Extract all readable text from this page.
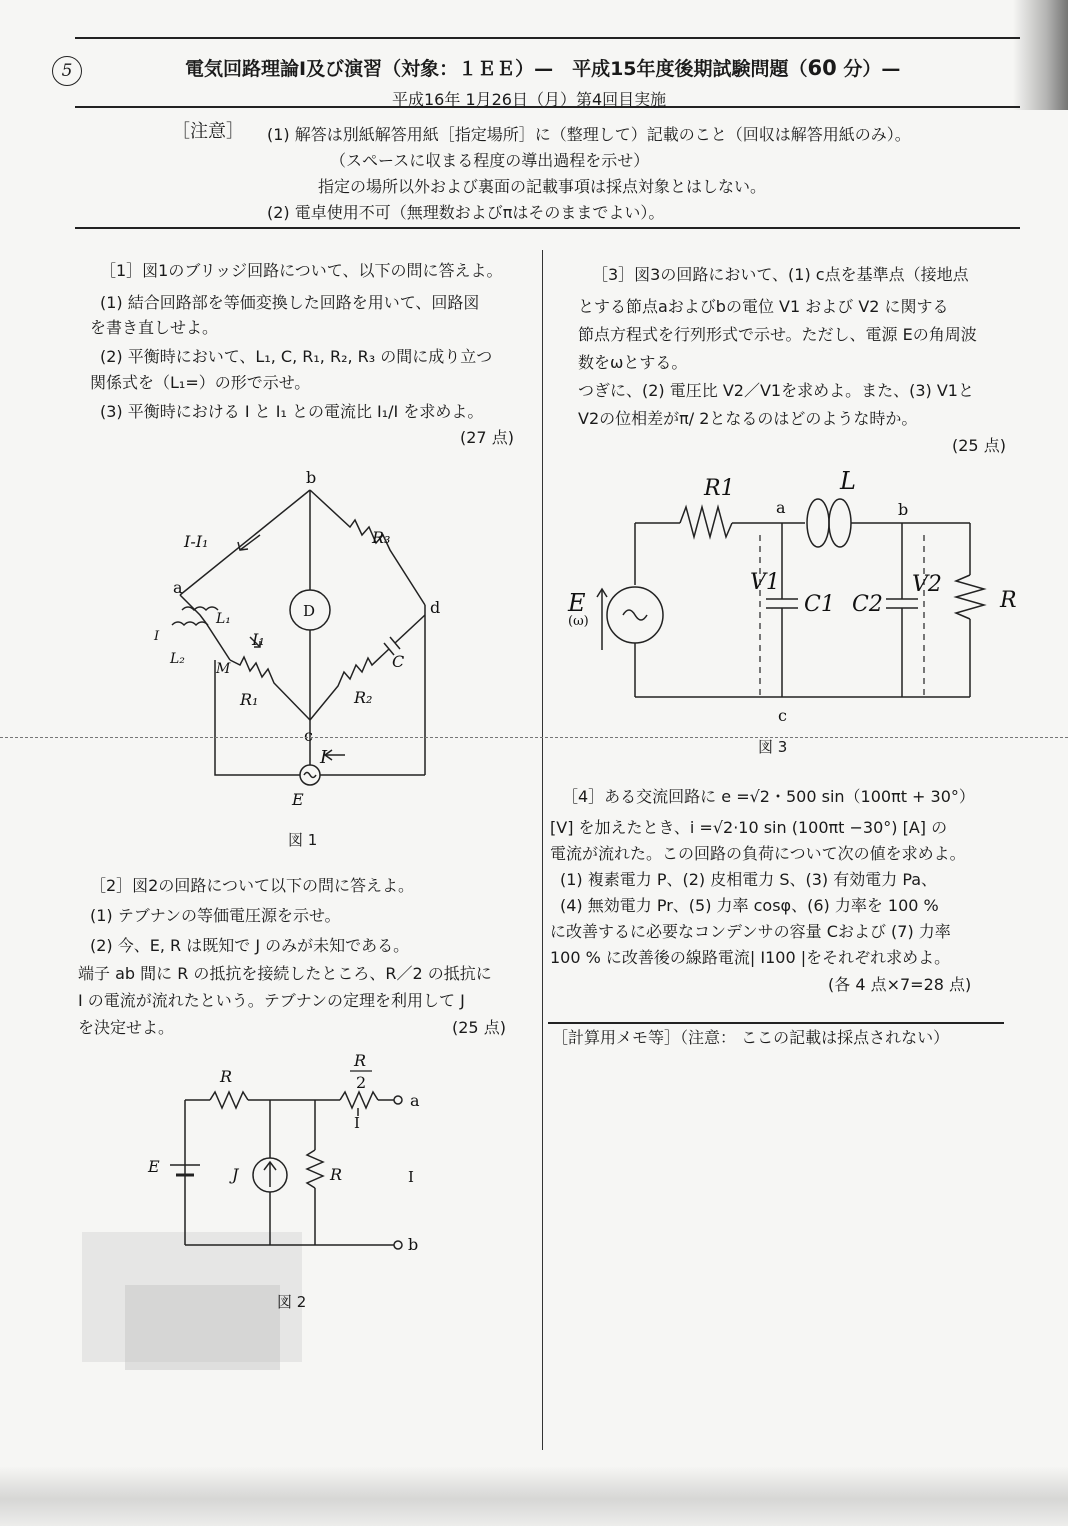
5	電気回路理論Ⅰ及び演習（対象：１ＥＥ）—　平成15年度後期試験問題（60 分）—
平成16年 1月26日（月）第4回目実施
［注意］ (1) 解答は別紙解答用紙［指定場所］に（整理して）記載のこと（回収は解答用紙のみ）。
（スペースに収まる程度の導出過程を示せ）
指定の場所以外および裏面の記載事項は採点対象とはしない。
(2) 電卓使用不可（無理数およびπはそのままでよい）。
［1］図1のブリッジ回路について、以下の問に答えよ。
(1) 結合回路部を等価変換した回路を用いて、回路図
を書き直しせよ。
(2) 平衡時において、L₁, C, R₁, R₂, R₃ の間に成り立つ
関係式を（L₁=）の形で示せ。
(3) 平衡時における I と I₁ との電流比 I₁/I を求めよ。
(27 点)
b
a
d
c
D
R₃
R₁	R₂
C
I-I₁
I₁
I
E
L₁
L₂
M
I
図 1
［2］図2の回路について以下の問に答えよ。
(1) テブナンの等価電圧源を示せ。
(2) 今、E, R は既知で J のみが未知である。
端子 ab 間に R の抵抗を接続したところ、R／2 の抵抗に
I の電流が流れたという。テブナンの定理を利用して J
を決定せよ。	(25 点)
R
R
2
a
b
E	J	R
I
I
図 2
［3］図3の回路において、(1) c点を基準点（接地点
とする節点aおよびbの電位 V1 および V2 に関する
節点方程式を行列形式で示せ。ただし、電源 Eの角周波
数をωとする。
つぎに、(2) 電圧比 V2／V1を求めよ。また、(3) V1と
V2の位相差がπ/ 2となるのはどのような時か。
(25 点)
R1	L
a	b
E
(ω)
V1
C1 C2
V2
R
c
図 3
［4］ある交流回路に e =√2・500 sin（100πt + 30°）
[V] を加えたとき、i =√2·10 sin (100πt −30°) [A] の
電流が流れた。この回路の負荷について次の値を求めよ。
(1) 複素電力 P、(2) 皮相電力 S、(3) 有効電力 Pa、
(4) 無効電力 Pr、(5) 力率 cosφ、(6) 力率を 100 %
に改善するに必要なコンデンサの容量 Cおよび (7) 力率
100 % に改善後の線路電流| I100 |をそれぞれ求めよ。
(各 4 点×7=28 点)
［計算用メモ等］（注意： ここの記載は採点されない）
